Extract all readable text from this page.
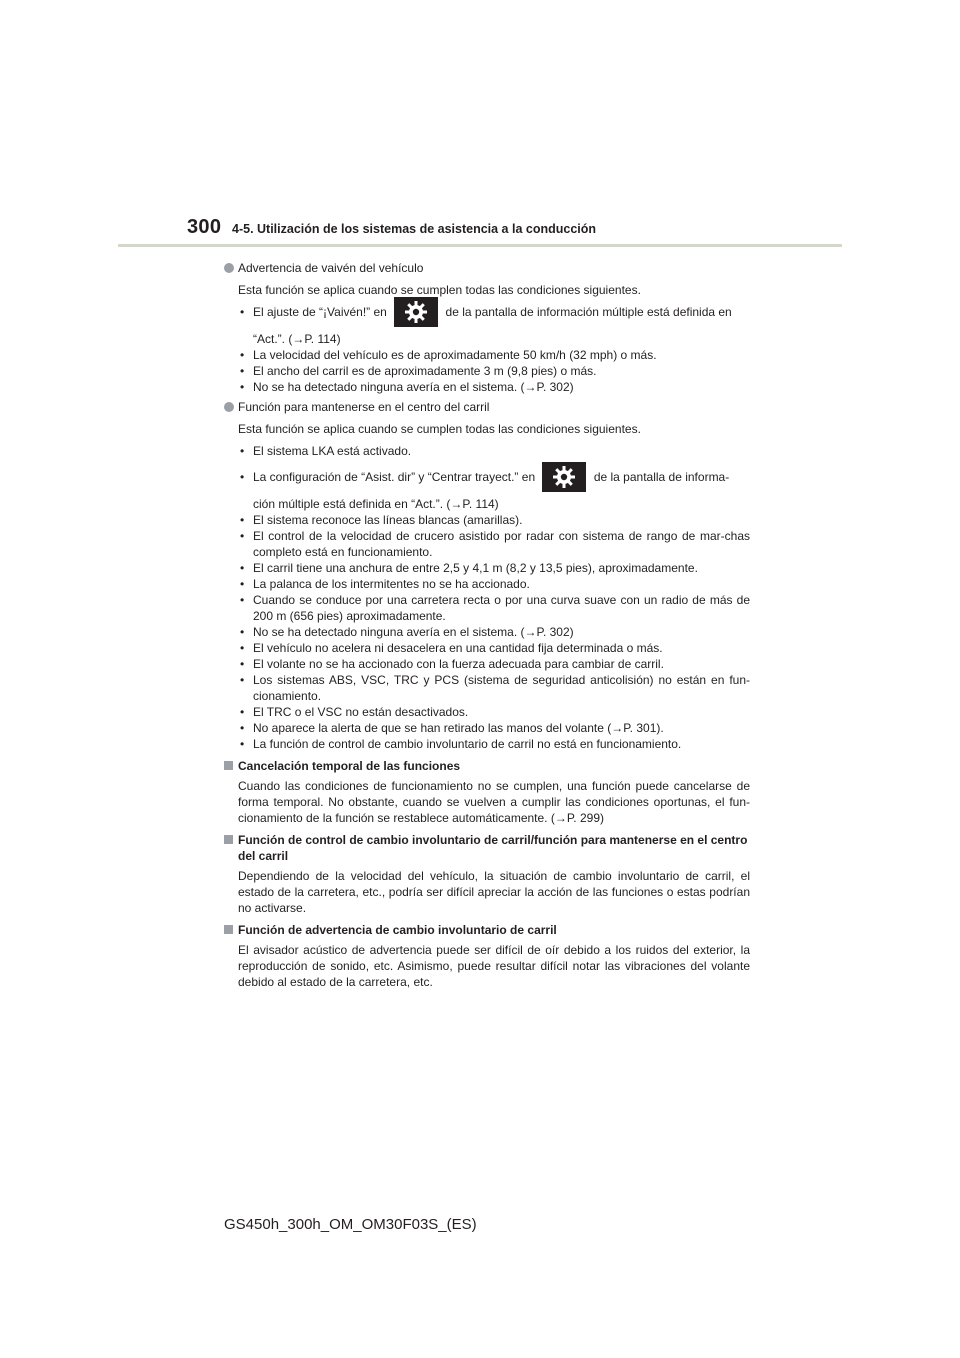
300 4-5. Utilización de los sistemas de asistencia a la conducción
Advertencia de vaivén del vehículo
Esta función se aplica cuando se cumplen todas las condiciones siguientes.
• El ajuste de “¡Vaivén!” en	de la pantalla de información múltiple está definida en
“Act.”. (→P. 114)
• La velocidad del vehículo es de aproximadamente 50 km/h (32 mph) o más.
• El ancho del carril es de aproximadamente 3 m (9,8 pies) o más.
• No se ha detectado ninguna avería en el sistema. (→P. 302)
Función para mantenerse en el centro del carril
Esta función se aplica cuando se cumplen todas las condiciones siguientes.
• El sistema LKA está activado.
• La configuración de “Asist. dir” y “Centrar trayect.” en	de la pantalla de informa-
ción múltiple está definida en “Act.”. (→P. 114)
• El sistema reconoce las líneas blancas (amarillas).
• El control de la velocidad de crucero asistido por radar con sistema de rango de mar-chas completo está en funcionamiento.
• El carril tiene una anchura de entre 2,5 y 4,1 m (8,2 y 13,5 pies), aproximadamente.
• La palanca de los intermitentes no se ha accionado.
• Cuando se conduce por una carretera recta o por una curva suave con un radio de más de 200 m (656 pies) aproximadamente.
• No se ha detectado ninguna avería en el sistema. (→P. 302)
• El vehículo no acelera ni desacelera en una cantidad fija determinada o más.
• El volante no se ha accionado con la fuerza adecuada para cambiar de carril.
• Los sistemas ABS, VSC, TRC y PCS (sistema de seguridad anticolisión) no están en fun-cionamiento.
• El TRC o el VSC no están desactivados.
• No aparece la alerta de que se han retirado las manos del volante (→P. 301).
• La función de control de cambio involuntario de carril no está en funcionamiento.
Cancelación temporal de las funciones
Cuando las condiciones de funcionamiento no se cumplen, una función puede cancelarse de forma temporal. No obstante, cuando se vuelven a cumplir las condiciones oportunas, el fun-cionamiento de la función se restablece automáticamente. (→P. 299)
Función de control de cambio involuntario de carril/función para mantenerse en el centro del carril
Dependiendo de la velocidad del vehículo, la situación de cambio involuntario de carril, el estado de la carretera, etc., podría ser difícil apreciar la acción de las funciones o estas podrían no activarse.
Función de advertencia de cambio involuntario de carril
El avisador acústico de advertencia puede ser difícil de oír debido a los ruidos del exterior, la reproducción de sonido, etc. Asimismo, puede resultar difícil notar las vibraciones del volante debido al estado de la carretera, etc.
GS450h_300h_OM_OM30F03S_(ES)
